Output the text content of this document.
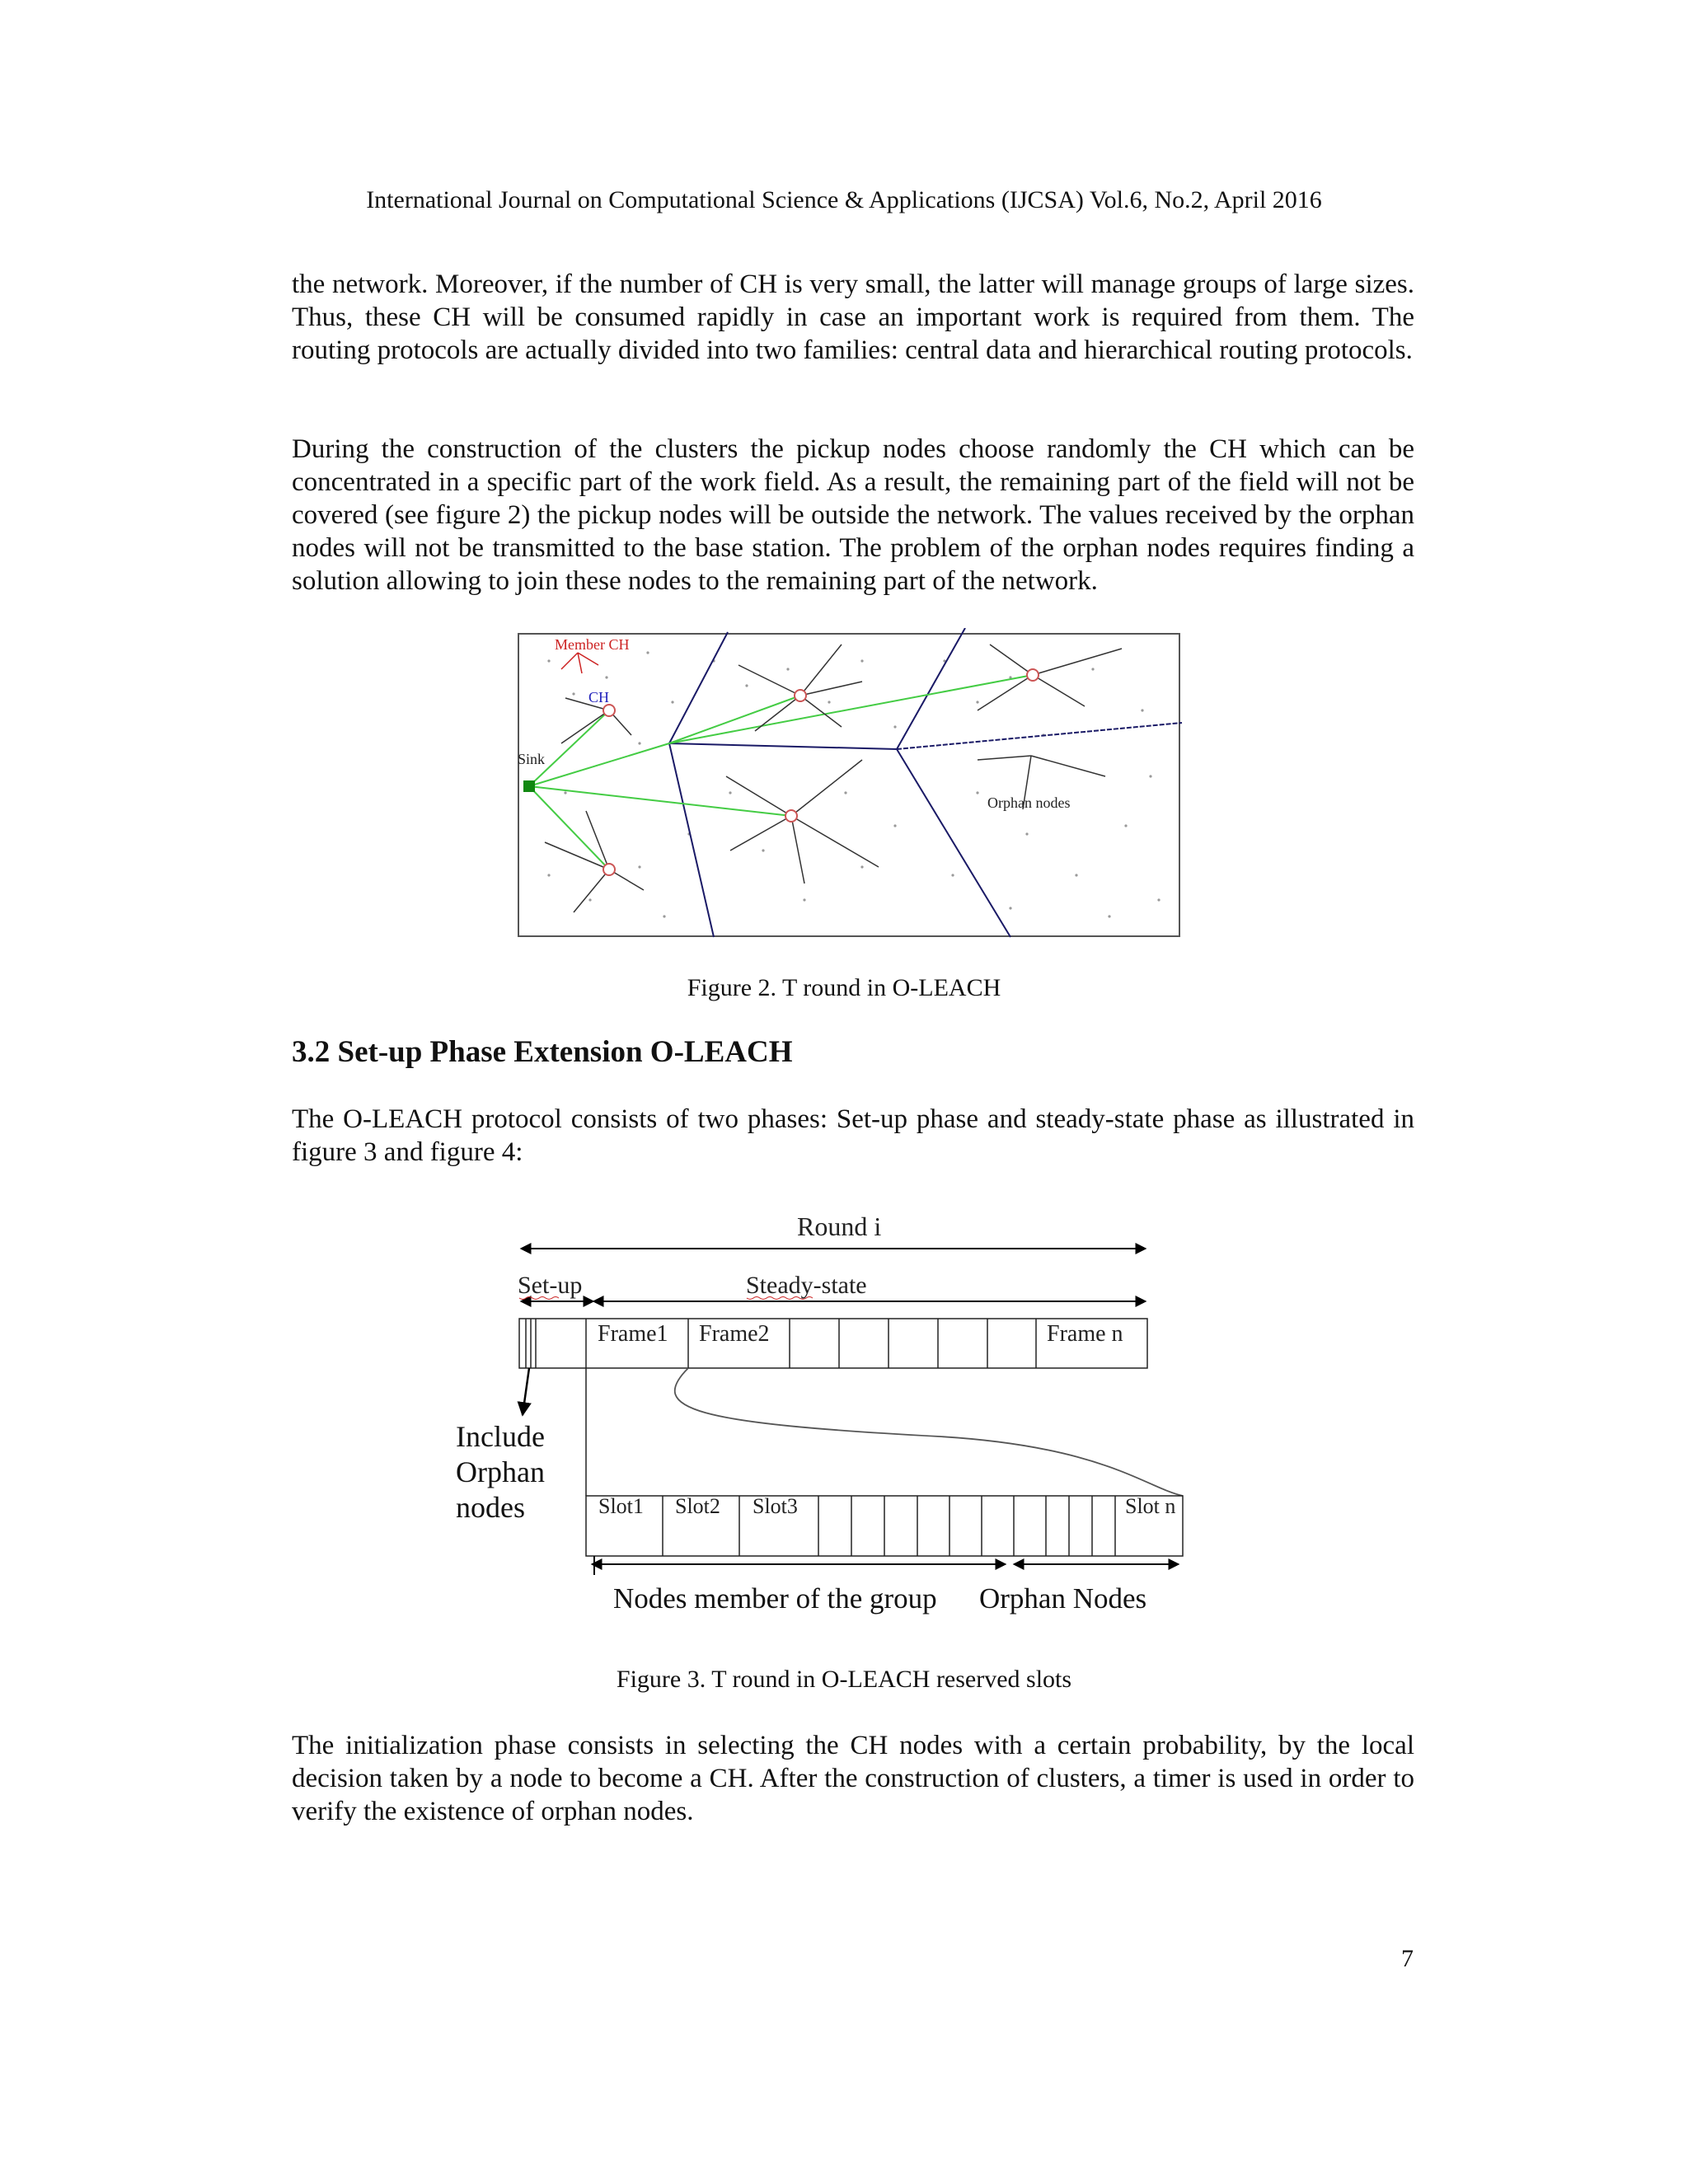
International Journal on Computational Science & Applications (IJCSA) Vol.6, No.2, April 2016
the network. Moreover, if the number of CH is very small, the latter will manage groups of large sizes. Thus, these CH will be consumed rapidly in case an important work is required from them. The routing protocols are actually divided into two families: central data and hierarchical routing protocols.
During the construction of the clusters the pickup nodes choose randomly the CH which can be concentrated in a specific part of the work field. As a result, the remaining part of the field will not be covered (see figure 2) the pickup nodes will be outside the network. The values received by the orphan nodes will not be transmitted to the base station. The problem of the orphan nodes requires finding a solution allowing to join these nodes to the remaining part of the network.
Member CH
CH
Sink
Orphan nodes
Figure 2. T round in O-LEACH
3.2 Set-up Phase Extension O-LEACH
The O-LEACH protocol consists of two phases: Set-up phase and steady-state phase as illustrated in figure 3 and figure 4:
Round i
Set-up	Steady-state
Frame1 Frame2	Frame n
Include Orphan nodes	Slot1 Slot2 Slot3	Slot n
Nodes member of the group Orphan Nodes
Figure 3. T round in O-LEACH reserved slots
The initialization phase consists in selecting the CH nodes with a certain probability, by the local decision taken by a node to become a CH. After the construction of clusters, a timer is used in order to verify the existence of orphan nodes.
7
